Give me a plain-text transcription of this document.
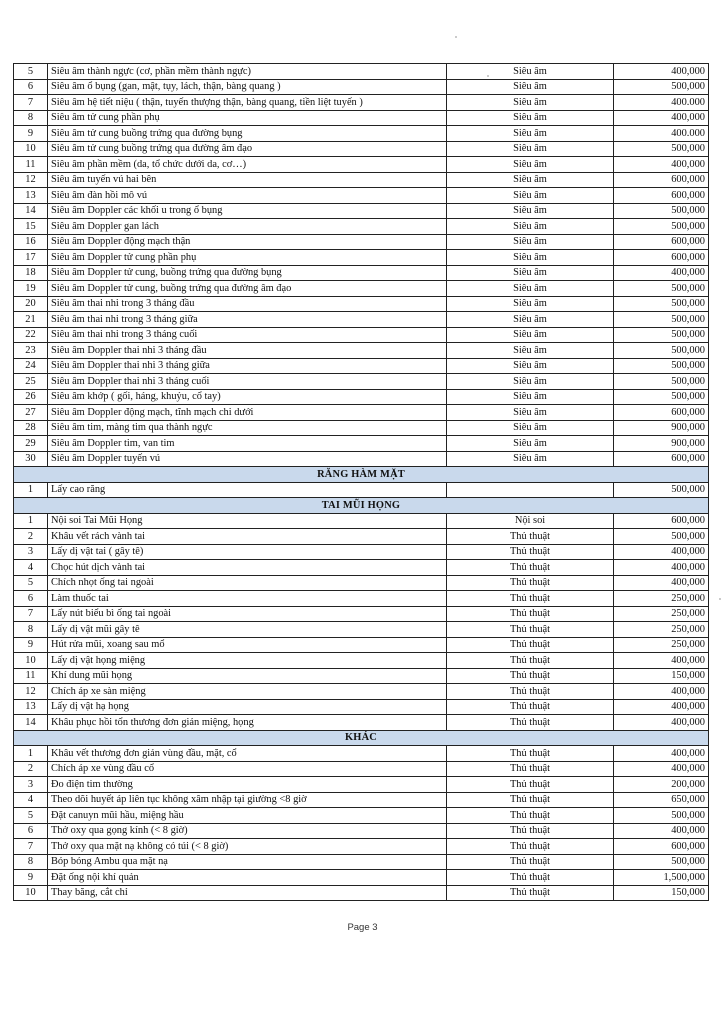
5	Siêu âm thành ngực (cơ, phần mềm thành ngực)	Siêu âm	400,000
6	Siêu âm ổ bụng (gan, mật, tụy, lách, thận, bàng quang )	Siêu âm	500,000
7	Siêu âm hệ tiết niệu ( thận, tuyến thượng thận, bàng quang, tiền liệt tuyến )	Siêu âm	400.000
8	Siêu âm tử cung phần phụ	Siêu âm	400,000
9	Siêu âm tử cung buồng trứng qua đường bụng	Siêu âm	400.000
10	Siêu âm tử cung buồng trứng qua đường âm đạo	Siêu âm	500,000
11	Siêu âm phần mềm (da, tổ chức dưới da, cơ…)	Siêu âm	400,000
12	Siêu âm tuyến vú hai bên	Siêu âm	600,000
13	Siêu âm đàn hồi mô vú	Siêu âm	600,000
14	Siêu âm Doppler các khối u trong ổ bụng	Siêu âm	500,000
15	Siêu âm Doppler gan lách	Siêu âm	500,000
16	Siêu âm Doppler động mạch thận	Siêu âm	600,000
17	Siêu âm Doppler tử cung phần phụ	Siêu âm	600,000
18	Siêu âm Doppler tử cung, buồng trứng qua đường bụng	Siêu âm	400,000
19	Siêu âm Doppler tử cung, buồng trứng qua đường âm đạo	Siêu âm	500,000
20	Siêu âm thai nhi trong 3 tháng đầu	Siêu âm	500,000
21	Siêu âm thai nhi trong 3 tháng giữa	Siêu âm	500,000
22	Siêu âm thai nhi trong 3 tháng cuối	Siêu âm	500,000
23	Siêu âm Doppler thai nhi 3 tháng đầu	Siêu âm	500,000
24	Siêu âm Doppler thai nhi 3 tháng giữa	Siêu âm	500,000
25	Siêu âm Doppler thai nhi 3 tháng cuối	Siêu âm	500,000
26	Siêu âm khớp ( gối, háng, khuỷu, cổ tay)	Siêu âm	500,000
27	Siêu âm Doppler động mạch, tĩnh mạch chi dưới	Siêu âm	600,000
28	Siêu âm tim, màng tim qua thành ngực	Siêu âm	900,000
29	Siêu âm Doppler tim, van tim	Siêu âm	900,000
30	Siêu âm Doppler tuyến vú	Siêu âm	600,000
RĂNG HÀM MẶT			
1	Lấy cao răng		500,000
TAI MŨI HỌNG			
1	Nội soi Tai Mũi Họng	Nội soi	600,000
2	Khâu vết rách vành tai	Thủ thuật	500,000
3	Lấy dị vật tai ( gây tê)	Thủ thuật	400,000
4	Chọc hút dịch vành tai	Thủ thuật	400,000
5	Chích nhọt ống tai ngoài	Thủ thuật	400,000
6	Làm thuốc tai	Thủ thuật	250,000
7	Lấy nút biểu bì ống tai ngoài	Thủ thuật	250,000
8	Lấy dị vật mũi gây tê	Thủ thuật	250,000
9	Hút rửa mũi, xoang sau mổ	Thủ thuật	250,000
10	Lấy dị vật họng miệng	Thủ thuật	400,000
11	Khí dung mũi họng	Thủ thuật	150,000
12	Chích áp xe sàn miệng	Thủ thuật	400,000
13	Lấy dị vật hạ họng	Thủ thuật	400,000
14	Khâu phục hồi tổn thương đơn giản miệng, họng	Thủ thuật	400,000
KHÁC			
1	Khâu vết thương đơn giản vùng đầu, mặt, cổ	Thủ thuật	400,000
2	Chích áp xe vùng đầu cổ	Thủ thuật	400,000
3	Đo điện tim thường	Thủ thuật	200,000
4	Theo dõi huyết áp liên tục không xâm nhập tại giường <8 giờ	Thủ thuật	650,000
5	Đặt canuyn mũi hầu, miệng hầu	Thủ thuật	500,000
6	Thở oxy qua gọng kính (< 8 giờ)	Thủ thuật	400,000
7	Thở oxy qua mặt nạ không có túi (< 8 giờ)	Thủ thuật	600,000
8	Bóp bóng Ambu qua mặt nạ	Thủ thuật	500,000
9	Đặt ống nội khí quản	Thủ thuật	1,500,000
10	Thay băng, cắt chỉ	Thủ thuật	150,000
Page 3
